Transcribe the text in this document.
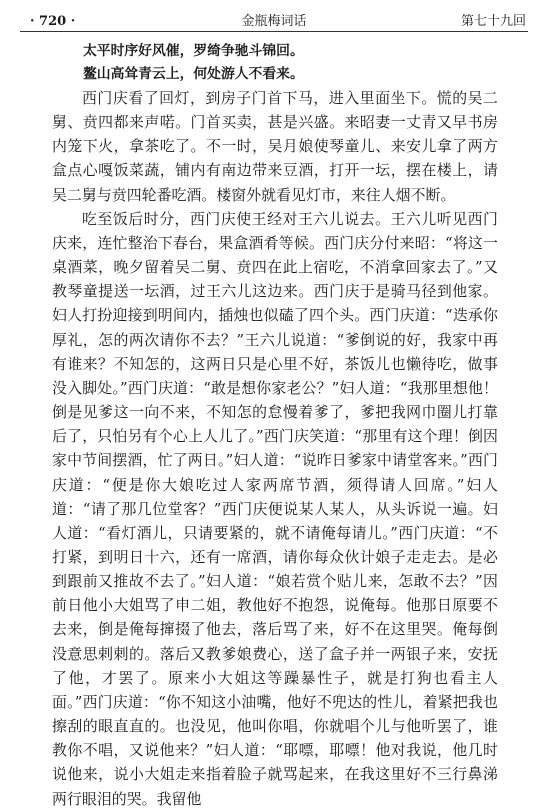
· 720 ·	金瓶梅词话	第七十九回
太平时序好风催，罗绮争驰斗锦回。
鳌山高耸青云上，何处游人不看来。

西门庆看了回灯，到房子门首下马，进入里面坐下。慌的吴二舅、贲四都来声喏。门首买卖，甚是兴盛。来昭妻一丈青又早书房内笼下火，拿茶吃了。不一时，吴月娘使琴童儿、来安儿拿了两方盒点心嘎饭菜蔬，铺内有南边带来豆酒，打开一坛，摆在楼上，请吴二舅与贲四轮番吃酒。楼窗外就看见灯市，来往人烟不断。

吃至饭后时分，西门庆使王经对王六儿说去。王六儿听见西门庆来，连忙整治下春台，果盒酒肴等候。西门庆分付来昭：“将这一桌酒菜，晚夕留着吴二舅、贲四在此上宿吃，不消拿回家去了。”又教琴童提送一坛酒，过王六儿这边来。西门庆于是骑马径到他家。妇人打扮迎接到明间内，插烛也似磕了四个头。西门庆道：“迭承你厚礼，怎的两次请你不去？”王六儿说道：“爹倒说的好，我家中再有谁来？不知怎的，这两日只是心里不好，茶饭儿也懒待吃，做事没入脚处。”西门庆道：“敢是想你家老公？”妇人道：“我那里想他！倒是见爹这一向不来，不知怎的怠慢着爹了，爹把我网巾圈儿打靠后了，只怕另有个心上人儿了。”西门庆笑道：“那里有这个理！倒因家中节间摆酒，忙了两日。”妇人道：“说昨日爹家中请堂客来。”西门庆道：“便是你大娘吃过人家两席节酒，须得请人回席。”妇人道：“请了那几位堂客？”西门庆便说某人某人，从头诉说一遍。妇人道：“看灯酒儿，只请要紧的，就不请俺每请儿。”西门庆道：“不打紧，到明日十六，还有一席酒，请你每众伙计娘子走走去。是必到跟前又推故不去了。”妇人道：“娘若赏个贴儿来，怎敢不去？”因前日他小大姐骂了申二姐，教他好不抱怨，说俺每。他那日原要不去来，倒是俺每撺掇了他去，落后骂了来，好不在这里哭。俺每倒没意思剌剌的。落后又教爹娘费心，送了盒子并一两银子来，安抚了他，才罢了。原来小大姐这等躁暴性子，就是打狗也看主人面。”西门庆道：“你不知这小油嘴，他好不兜达的性儿，着紧把我也擦刮的眼直直的。也没见，他叫你唱，你就唱个儿与他听罢了，谁教你不唱，又说他来？”妇人道：“耶嘌，耶嘌！他对我说，他几时说他来，说小大姐走来指着脸子就骂起来，在我这里好不三行鼻涕两行眼泪的哭。我留他
